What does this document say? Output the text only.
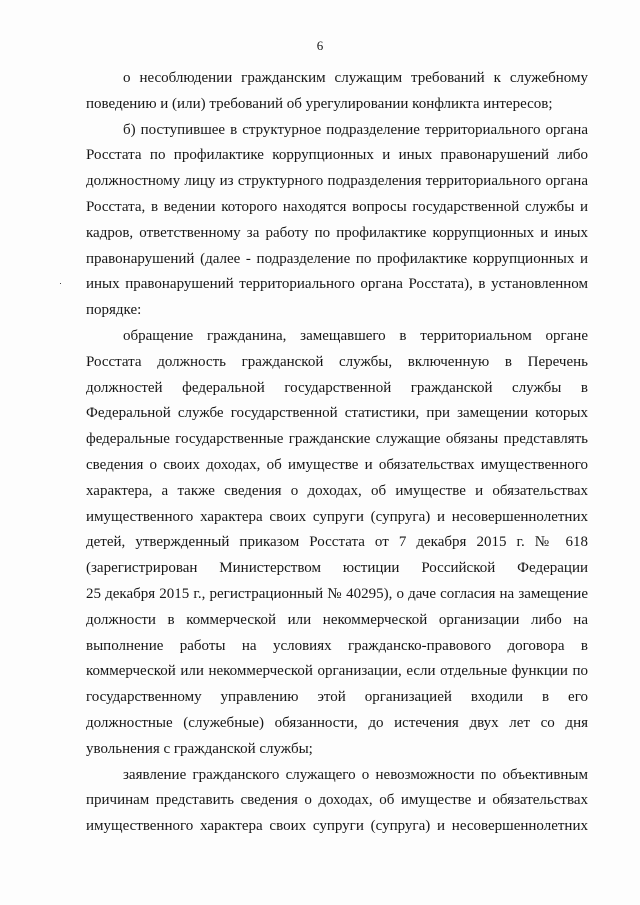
6
о несоблюдении гражданским служащим требований к служебному
поведению и (или) требований об урегулировании конфликта интересов;
б) поступившее в структурное подразделение территориального органа
Росстата по профилактике коррупционных и иных правонарушений либо
должностному лицу из структурного подразделения территориального органа
Росстата, в ведении которого находятся вопросы государственной службы и
кадров, ответственному за работу по профилактике коррупционных и иных
правонарушений (далее - подразделение по профилактике коррупционных и
иных правонарушений территориального органа Росстата), в установленном
порядке:
обращение гражданина, замещавшего в территориальном органе
Росстата должность гражданской службы, включенную в Перечень
должностей федеральной государственной гражданской службы в
Федеральной службе государственной статистики, при замещении которых
федеральные государственные гражданские служащие обязаны представлять
сведения о своих доходах, об имуществе и обязательствах имущественного
характера, а также сведения о доходах, об имуществе и обязательствах
имущественного характера своих супруги (супруга) и несовершеннолетних
детей, утвержденный приказом Росстата от 7 декабря 2015 г. № 618
(зарегистрирован Министерством юстиции Российской Федерации
25 декабря 2015 г., регистрационный № 40295), о даче согласия на замещение
должности в коммерческой или некоммерческой организации либо на
выполнение работы на условиях гражданско-правового договора в
коммерческой или некоммерческой организации, если отдельные функции по
государственному управлению этой организацией входили в его
должностные (служебные) обязанности, до истечения двух лет со дня
увольнения с гражданской службы;
заявление гражданского служащего о невозможности по объективным
причинам представить сведения о доходах, об имуществе и обязательствах
имущественного характера своих супруги (супруга) и несовершеннолетних
